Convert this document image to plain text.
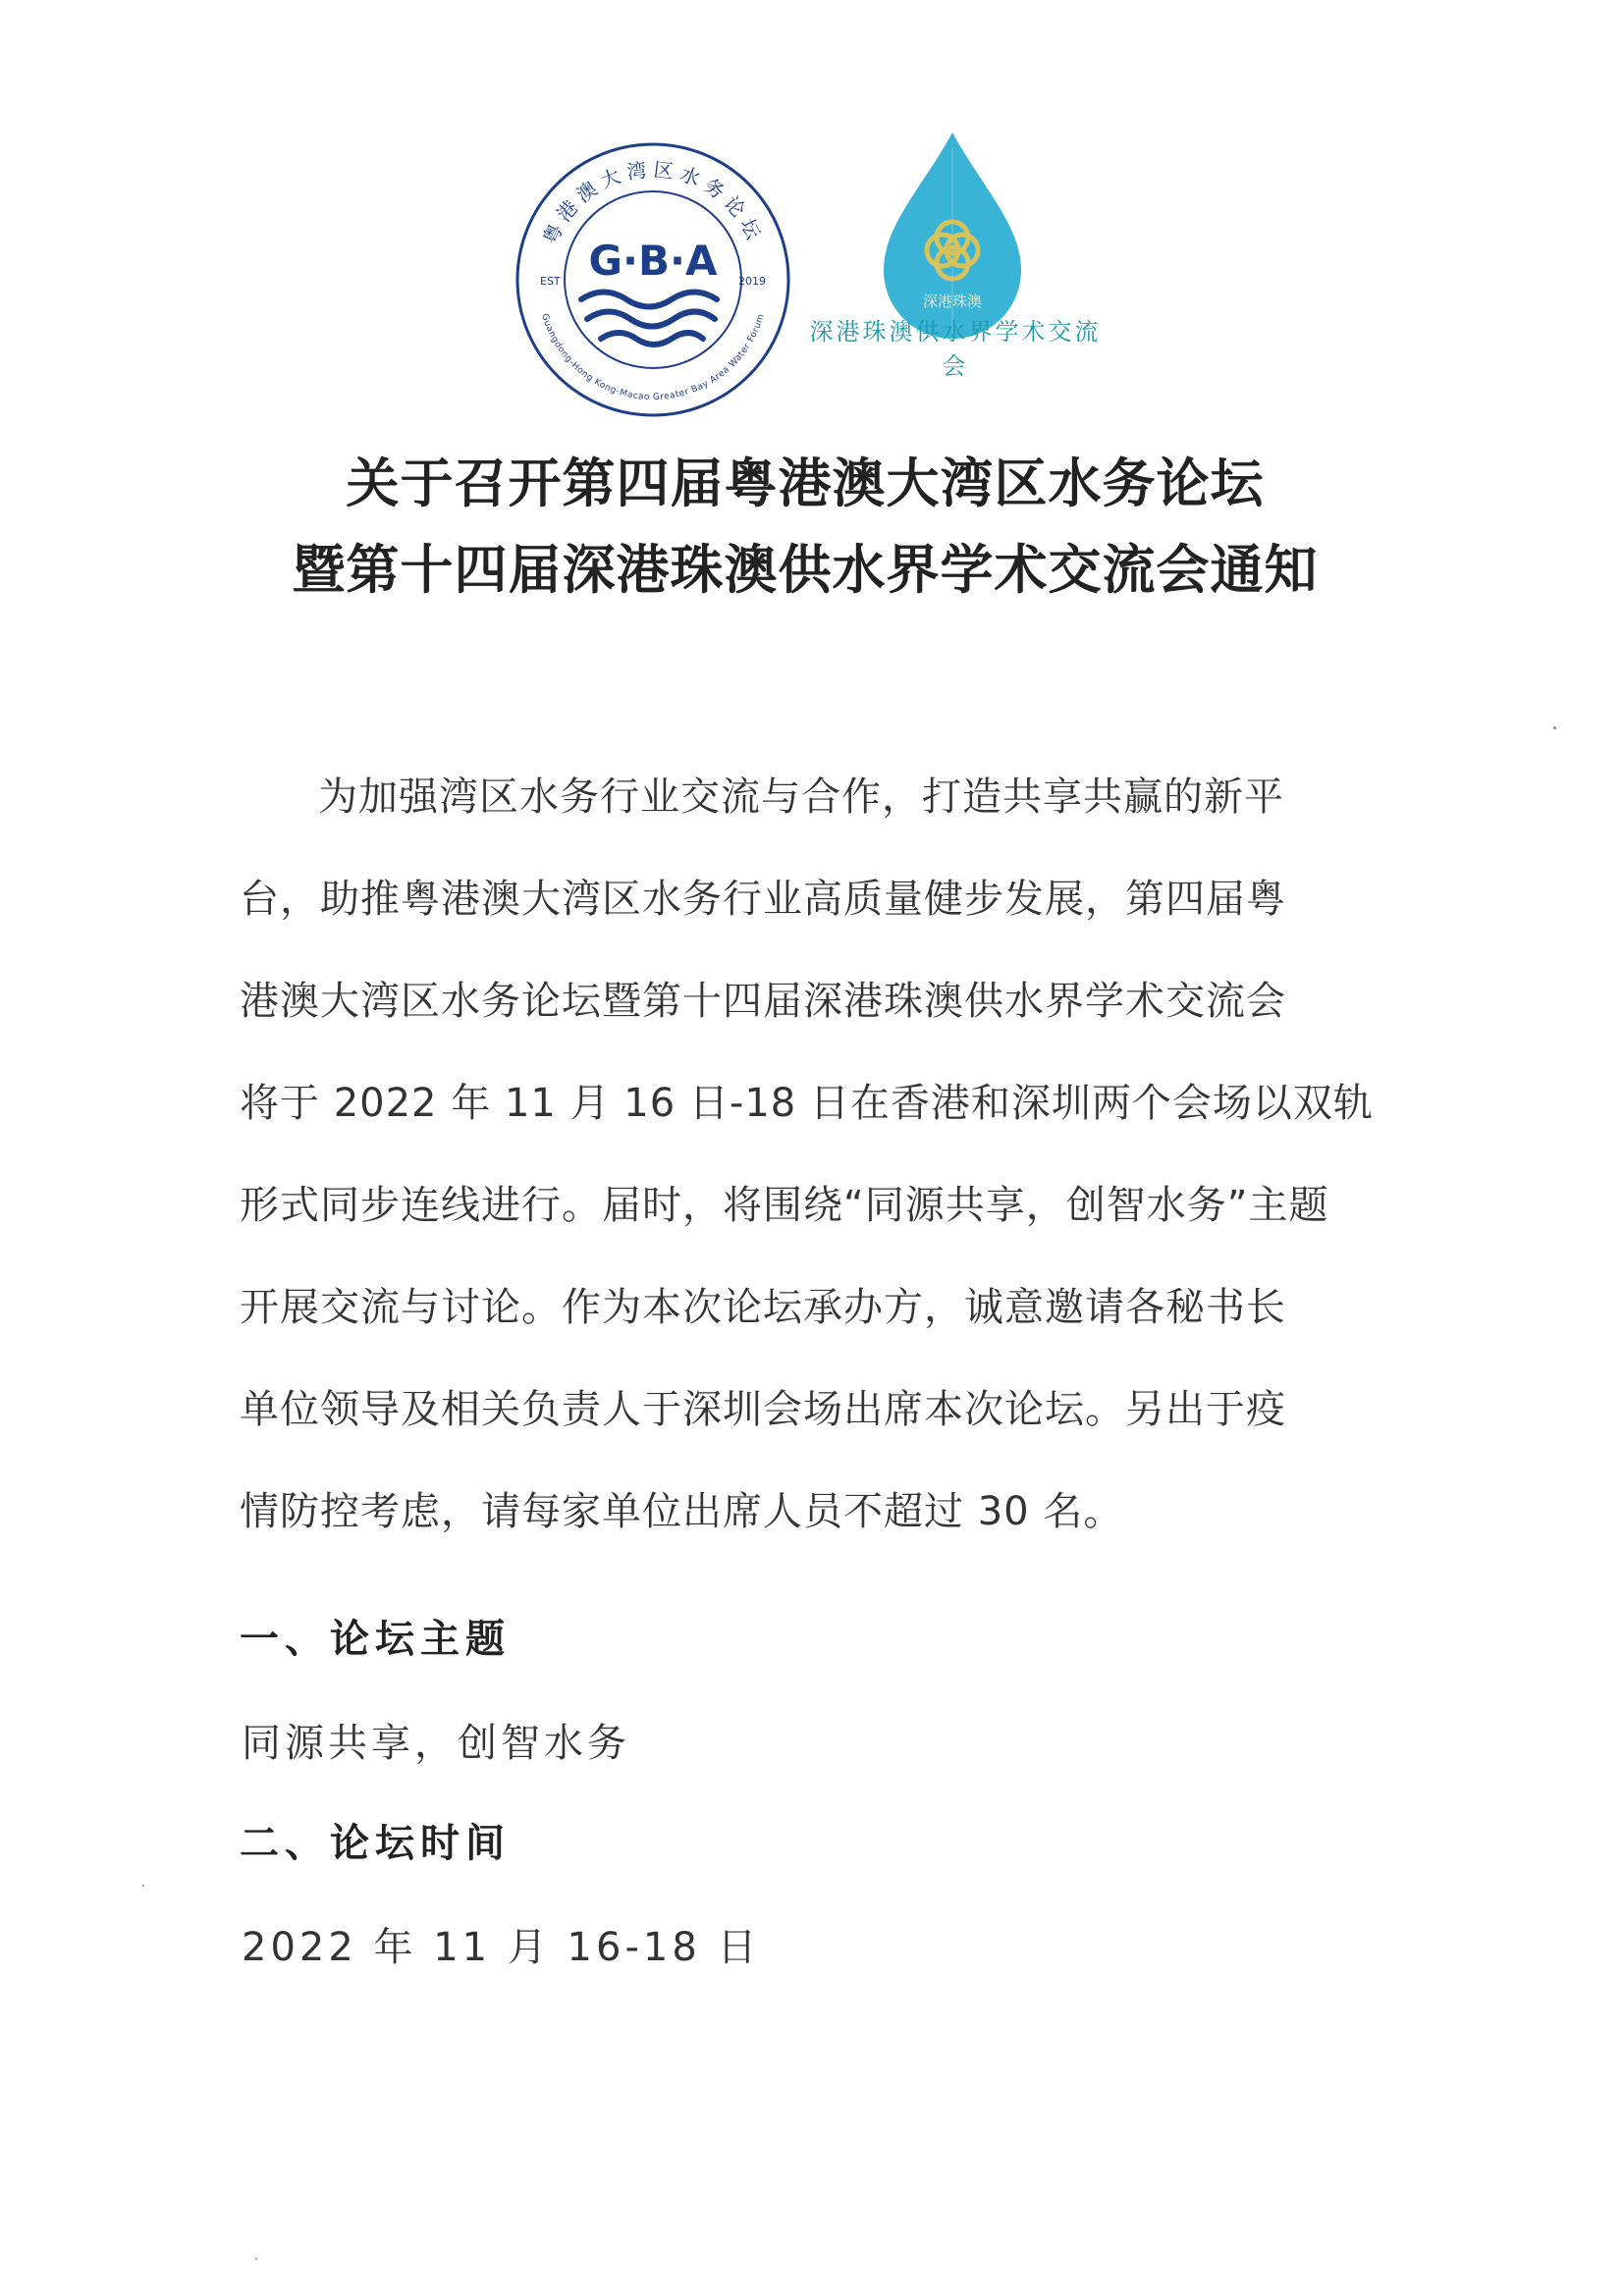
粤港澳大湾区水务论坛
Guangdong-Hong Kong-Macao Greater Bay Area Water Forum
EST	2019
G·B·A
深港珠澳
深港珠澳供水界学术交流会
关于召开第四届粤港澳大湾区水务论坛
暨第十四届深港珠澳供水界学术交流会通知

为加强湾区水务行业交流与合作，打造共享共赢的新平

台，助推粤港澳大湾区水务行业高质量健步发展，第四届粤

港澳大湾区水务论坛暨第十四届深港珠澳供水界学术交流会

将于 2022 年 11 月 16 日-18 日在香港和深圳两个会场以双轨

形式同步连线进行。届时，将围绕“同源共享，创智水务”主题

开展交流与讨论。作为本次论坛承办方，诚意邀请各秘书长

单位领导及相关负责人于深圳会场出席本次论坛。另出于疫

情防控考虑，请每家单位出席人员不超过 30 名。

一、论坛主题

同源共享，创智水务

二、论坛时间

2022 年 11 月 16-18 日
